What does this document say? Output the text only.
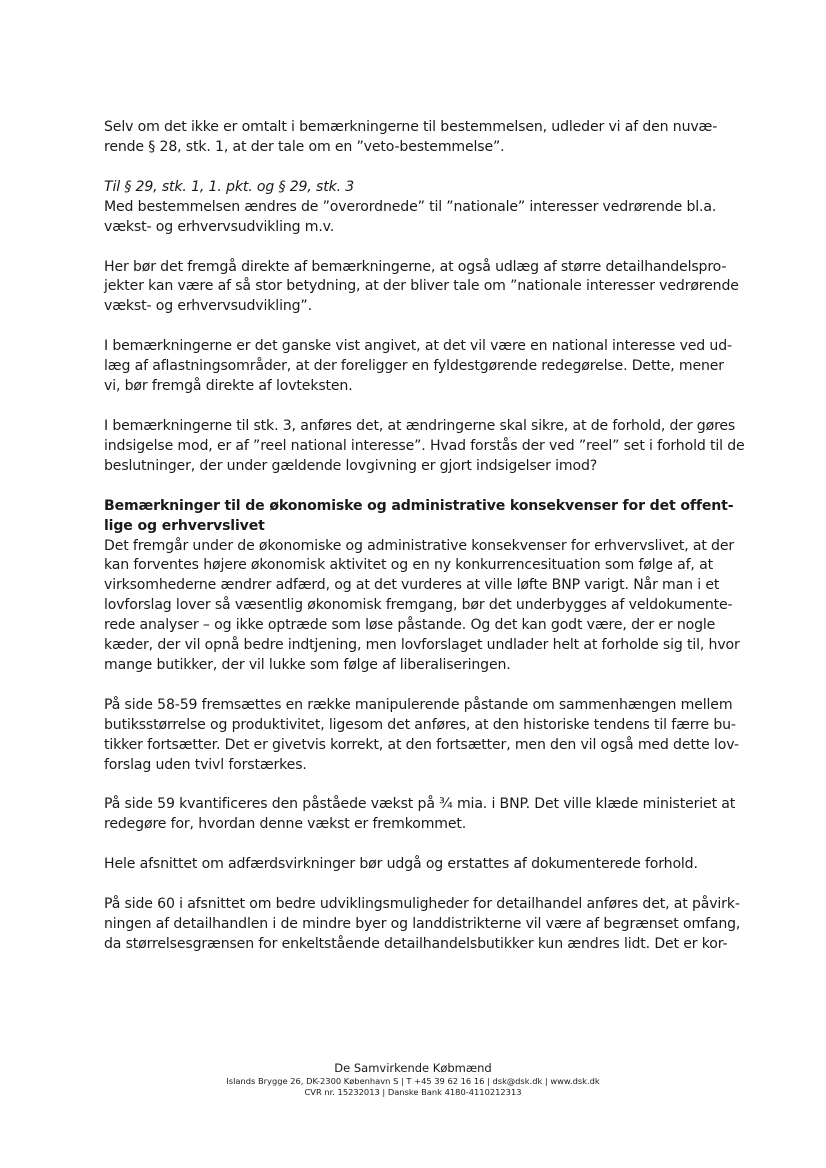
Selv om det ikke er omtalt i bemærkningerne til bestemmelsen, udleder vi af den nuvæ-
rende § 28, stk. 1, at der tale om en ”veto-bestemmelse”.
Til § 29, stk. 1, 1. pkt. og § 29, stk. 3
Med bestemmelsen ændres de ”overordnede” til ”nationale” interesser vedrørende bl.a.
vækst- og erhvervsudvikling m.v.
Her bør det fremgå direkte af bemærkningerne, at også udlæg af større detailhandelspro-
jekter kan være af så stor betydning, at der bliver tale om ”nationale interesser vedrørende
vækst- og erhvervsudvikling”.
I bemærkningerne er det ganske vist angivet, at det vil være en national interesse ved ud-
læg af aflastningsområder, at der foreligger en fyldestgørende redegørelse. Dette, mener
vi, bør fremgå direkte af lovteksten.
I bemærkningerne til stk. 3, anføres det, at ændringerne skal sikre, at de forhold, der gøres
indsigelse mod, er af ”reel national interesse”. Hvad forstås der ved ”reel” set i forhold til de
beslutninger, der under gældende lovgivning er gjort indsigelser imod?
Bemærkninger til de økonomiske og administrative konsekvenser for det offent-
lige og erhvervslivet
Det fremgår under de økonomiske og administrative konsekvenser for erhvervslivet, at der
kan forventes højere økonomisk aktivitet og en ny konkurrencesituation som følge af, at
virksomhederne ændrer adfærd, og at det vurderes at ville løfte BNP varigt. Når man i et
lovforslag lover så væsentlig økonomisk fremgang, bør det underbygges af veldokumente-
rede analyser – og ikke optræde som løse påstande. Og det kan godt være, der er nogle
kæder, der vil opnå bedre indtjening, men lovforslaget undlader helt at forholde sig til, hvor
mange butikker, der vil lukke som følge af liberaliseringen.
På side 58-59 fremsættes en række manipulerende påstande om sammenhængen mellem
butiksstørrelse og produktivitet, ligesom det anføres, at den historiske tendens til færre bu-
tikker fortsætter. Det er givetvis korrekt, at den fortsætter, men den vil også med dette lov-
forslag uden tvivl forstærkes.
På side 59 kvantificeres den påståede vækst på ¾ mia. i BNP. Det ville klæde ministeriet at
redegøre for, hvordan denne vækst er fremkommet.
Hele afsnittet om adfærdsvirkninger bør udgå og erstattes af dokumenterede forhold.
På side 60 i afsnittet om bedre udviklingsmuligheder for detailhandel anføres det, at påvirk-
ningen af detailhandlen i de mindre byer og landdistrikterne vil være af begrænset omfang,
da størrelsesgrænsen for enkeltstående detailhandelsbutikker kun ændres lidt. Det er kor-
De Samvirkende Købmænd
Islands Brygge 26, DK-2300 København S | T +45 39 62 16 16 | dsk@dsk.dk | www.dsk.dk
CVR nr. 15232013 | Danske Bank 4180-4110212313
